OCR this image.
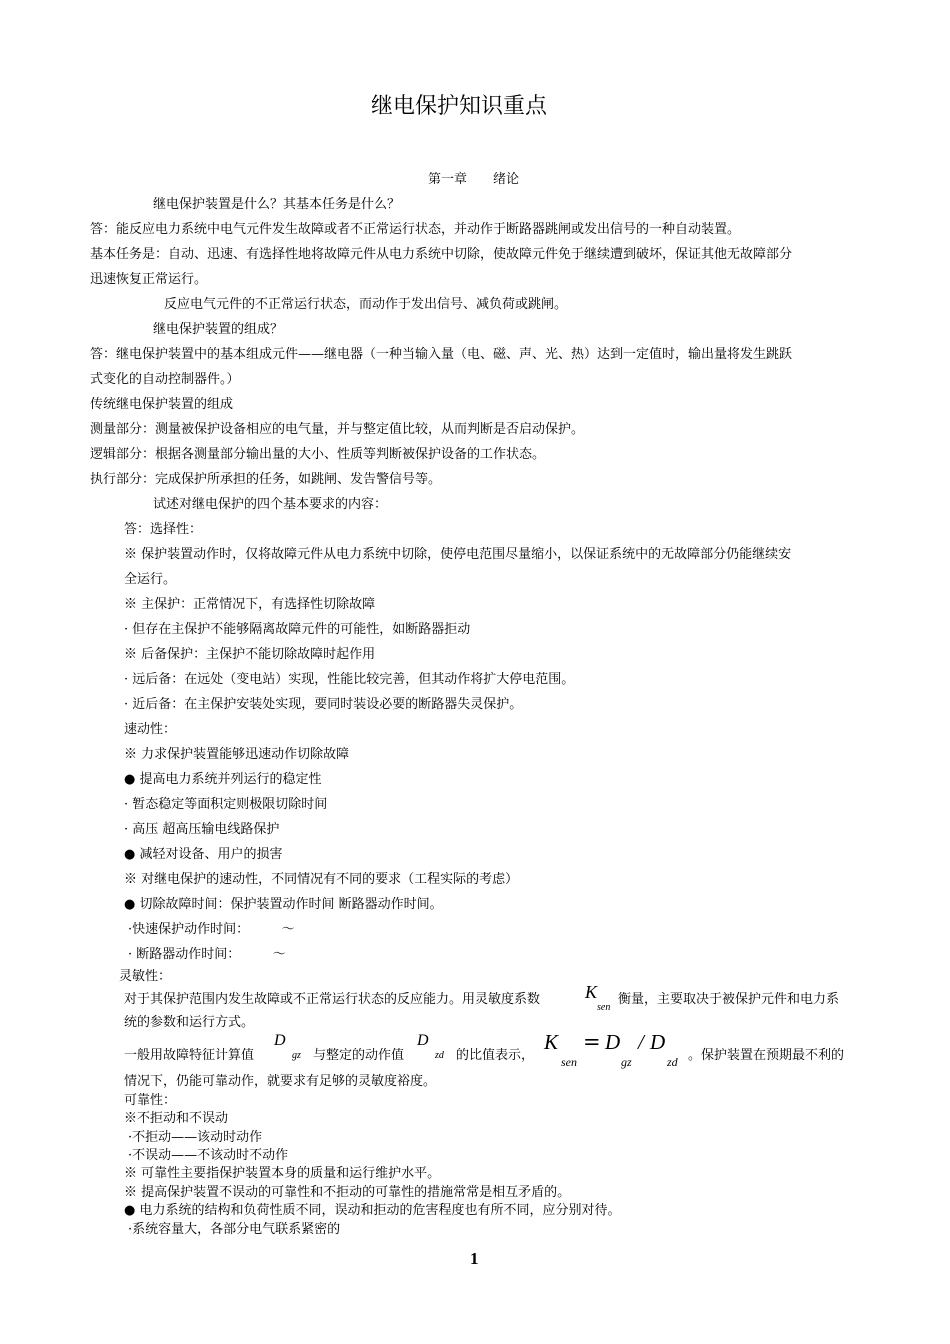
继电保护知识重点
第一章　　绪论
继电保护装置是什么？其基本任务是什么？
答：能反应电力系统中电气元件发生故障或者不正常运行状态，并动作于断路器跳闸或发出信号的一种自动装置。
基本任务是：自动、迅速、有选择性地将故障元件从电力系统中切除，使故障元件免于继续遭到破坏，保证其他无故障部分
迅速恢复正常运行。
反应电气元件的不正常运行状态，而动作于发出信号、减负荷或跳闸。
继电保护装置的组成？
答：继电保护装置中的基本组成元件——继电器（一种当输入量（电、磁、声、光、热）达到一定值时，输出量将发生跳跃
式变化的自动控制器件。）
传统继电保护装置的组成
测量部分：测量被保护设备相应的电气量，并与整定值比较，从而判断是否启动保护。
逻辑部分：根据各测量部分输出量的大小、性质等判断被保护设备的工作状态。
执行部分：完成保护所承担的任务，如跳闸、发告警信号等。
试述对继电保护的四个基本要求的内容：
答：选择性：
※ 保护装置动作时，仅将故障元件从电力系统中切除，使停电范围尽量缩小，以保证系统中的无故障部分仍能继续安
全运行。
※ 主保护：正常情况下，有选择性切除故障
· 但存在主保护不能够隔离故障元件的可能性，如断路器拒动
※ 后备保护：主保护不能切除故障时起作用
· 远后备：在远处（变电站）实现，性能比较完善，但其动作将扩大停电范围。
· 近后备：在主保护安装处实现，要同时装设必要的断路器失灵保护。
速动性：
※ 力求保护装置能够迅速动作切除故障
● 提高电力系统并列运行的稳定性
· 暂态稳定等面积定则极限切除时间
· 高压 超高压输电线路保护
● 减轻对设备、用户的损害
※ 对继电保护的速动性，不同情况有不同的要求（工程实际的考虑）
● 切除故障时间：保护装置动作时间 断路器动作时间。
·快速保护动作时间：　　　～
· 断路器动作时间：　　　～
灵敏性：
对于其保护范围内发生故障或不正常运行状态的反应能力。用灵敏度系数 K
sen
衡量，主要取决于被保护元件和电力系
统的参数和运行方式。
一般用故障特征计算值
D
gz 与整定的动作值
D
zd 的比值表示，
K
sen
= D
gz
/ D
zd 。保护装置在预期最不利的
情况下，仍能可靠动作，就要求有足够的灵敏度裕度。
可靠性：
※不拒动和不误动
·不拒动——该动时动作
·不误动——不该动时不动作
※ 可靠性主要指保护装置本身的质量和运行维护水平。
※ 提高保护装置不误动的可靠性和不拒动的可靠性的措施常常是相互矛盾的。
● 电力系统的结构和负荷性质不同，误动和拒动的危害程度也有所不同，应分别对待。
·系统容量大，各部分电气联系紧密的
1
